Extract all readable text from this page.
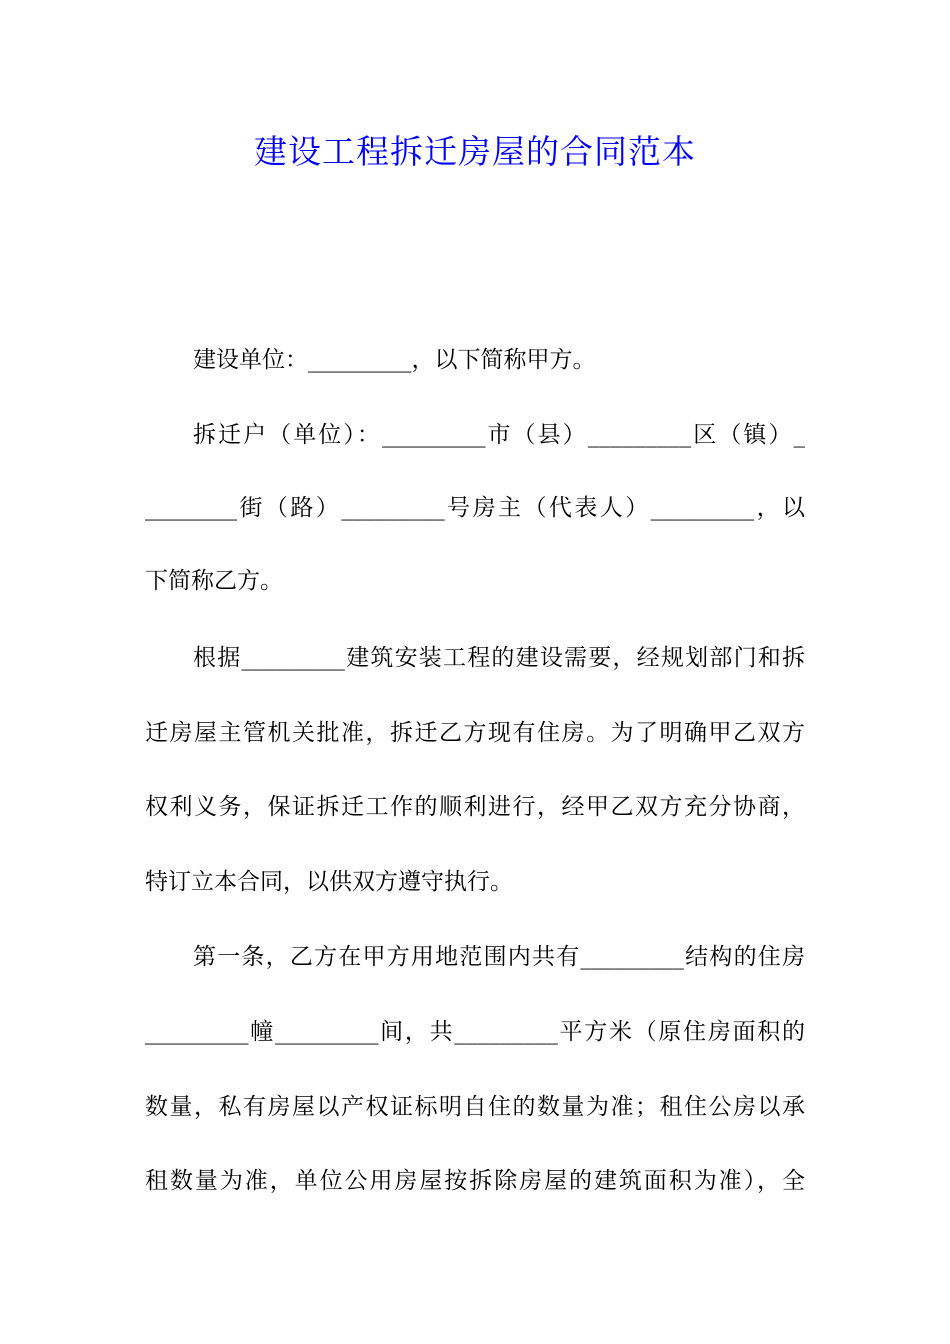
建设工程拆迁房屋的合同范本

建设单位：_________，以下简称甲方。

拆迁户（单位）：_________市（县）_________区（镇）_

________街（路）_________号房主（代表人）_________，以

下简称乙方。

根据_________建筑安装工程的建设需要，经规划部门和拆

迁房屋主管机关批准，拆迁乙方现有住房。为了明确甲乙双方

权利义务，保证拆迁工作的顺利进行，经甲乙双方充分协商，

特订立本合同，以供双方遵守执行。

第一条，乙方在甲方用地范围内共有_________结构的住房

_________幢_________间，共_________平方米（原住房面积的

数量，私有房屋以产权证标明自住的数量为准；租住公房以承

租数量为准，单位公用房屋按拆除房屋的建筑面积为准），全
